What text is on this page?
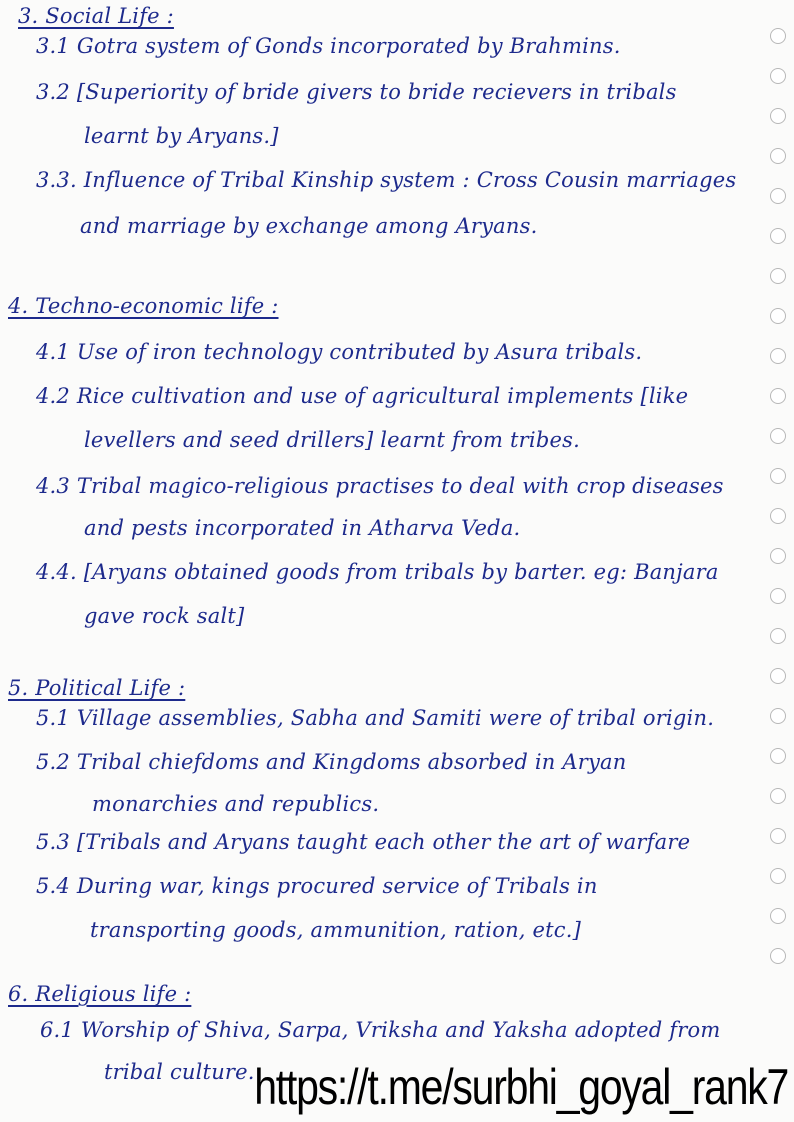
3. Social Life :
3.1 Gotra system of Gonds incorporated by Brahmins.
3.2 [Superiority of bride givers to bride recievers in tribals
learnt by Aryans.]
3.3. Influence of Tribal Kinship system : Cross Cousin marriages
and marriage by exchange among Aryans.
4. Techno-economic life :
4.1 Use of iron technology contributed by Asura tribals.
4.2 Rice cultivation and use of agricultural implements [like
levellers and seed drillers] learnt from tribes.
4.3 Tribal magico-religious practises to deal with crop diseases
and pests incorporated in Atharva Veda.
4.4. [Aryans obtained goods from tribals by barter. eg: Banjara
gave rock salt]
5. Political Life :
5.1 Village assemblies, Sabha and Samiti were of tribal origin.
5.2 Tribal chiefdoms and Kingdoms absorbed in Aryan
monarchies and republics.
5.3 [Tribals and Aryans taught each other the art of warfare
5.4 During war, kings procured service of Tribals in
transporting goods, ammunition, ration, etc.]
6. Religious life :
6.1 Worship of Shiva, Sarpa, Vriksha and Yaksha adopted from
tribal culture. https://t.me/surbhi_goyal_rank7
